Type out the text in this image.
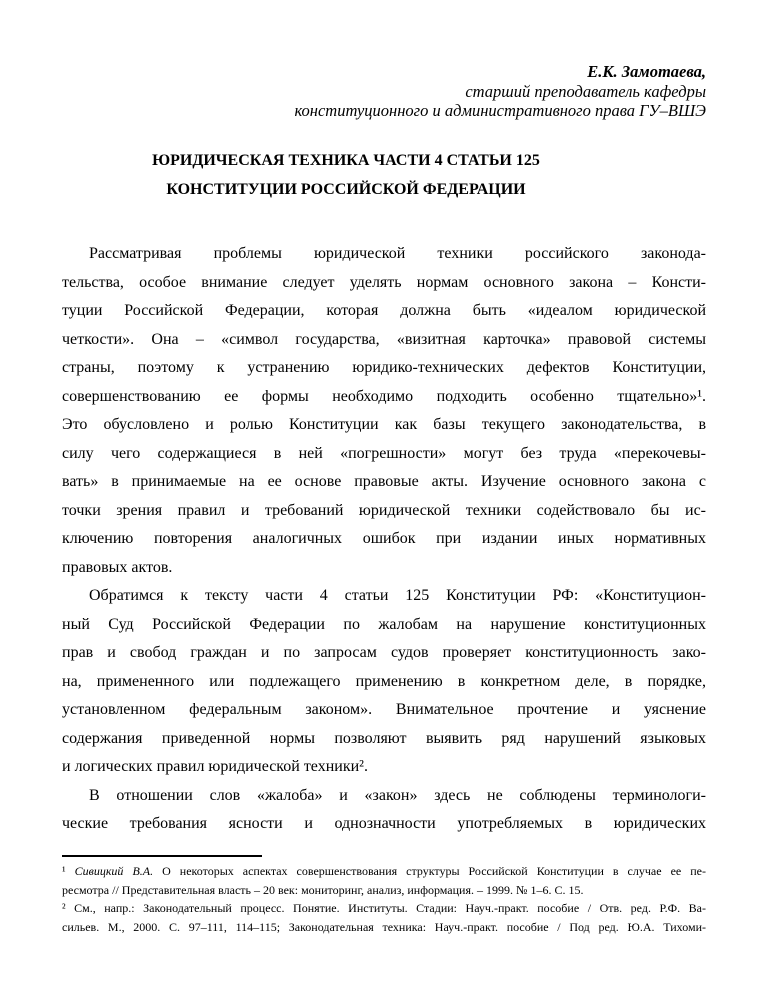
Е.К. Замотаева,
старший преподаватель кафедры
конституционного и административного права ГУ–ВШЭ
ЮРИДИЧЕСКАЯ ТЕХНИКА ЧАСТИ 4 СТАТЬИ 125
КОНСТИТУЦИИ РОССИЙСКОЙ ФЕДЕРАЦИИ
Рассматривая проблемы юридической техники российского законода-
тельства, особое внимание следует уделять нормам основного закона – Консти-
туции Российской Федерации, которая должна быть «идеалом юридической
четкости». Она – «символ государства, «визитная карточка» правовой системы
страны, поэтому к устранению юридико-технических дефектов Конституции,
совершенствованию ее формы необходимо подходить особенно тщательно»¹.
Это обусловлено и ролью Конституции как базы текущего законодательства, в
силу чего содержащиеся в ней «погрешности» могут без труда «перекочевы-
вать» в принимаемые на ее основе правовые акты. Изучение основного закона с
точки зрения правил и требований юридической техники содействовало бы ис-
ключению повторения аналогичных ошибок при издании иных нормативных
правовых актов.
Обратимся к тексту части 4 статьи 125 Конституции РФ: «Конституцион-
ный Суд Российской Федерации по жалобам на нарушение конституционных
прав и свобод граждан и по запросам судов проверяет конституционность зако-
на, примененного или подлежащего применению в конкретном деле, в порядке,
установленном федеральным законом». Внимательное прочтение и уяснение
содержания приведенной нормы позволяют выявить ряд нарушений языковых
и логических правил юридической техники².
В отношении слов «жалоба» и «закон» здесь не соблюдены терминологи-
ческие требования ясности и однозначности употребляемых в юридических
¹ Сивицкий В.А. О некоторых аспектах совершенствования структуры Российской Конституции в случае ее пе-
ресмотра // Представительная власть – 20 век: мониторинг, анализ, информация. – 1999. № 1–6. С. 15.
² См., напр.: Законодательный процесс. Понятие. Институты. Стадии: Науч.-практ. пособие / Отв. ред. Р.Ф. Ва-
сильев. М., 2000. С. 97–111, 114–115; Законодательная техника: Науч.-практ. пособие / Под ред. Ю.А. Тихоми-
